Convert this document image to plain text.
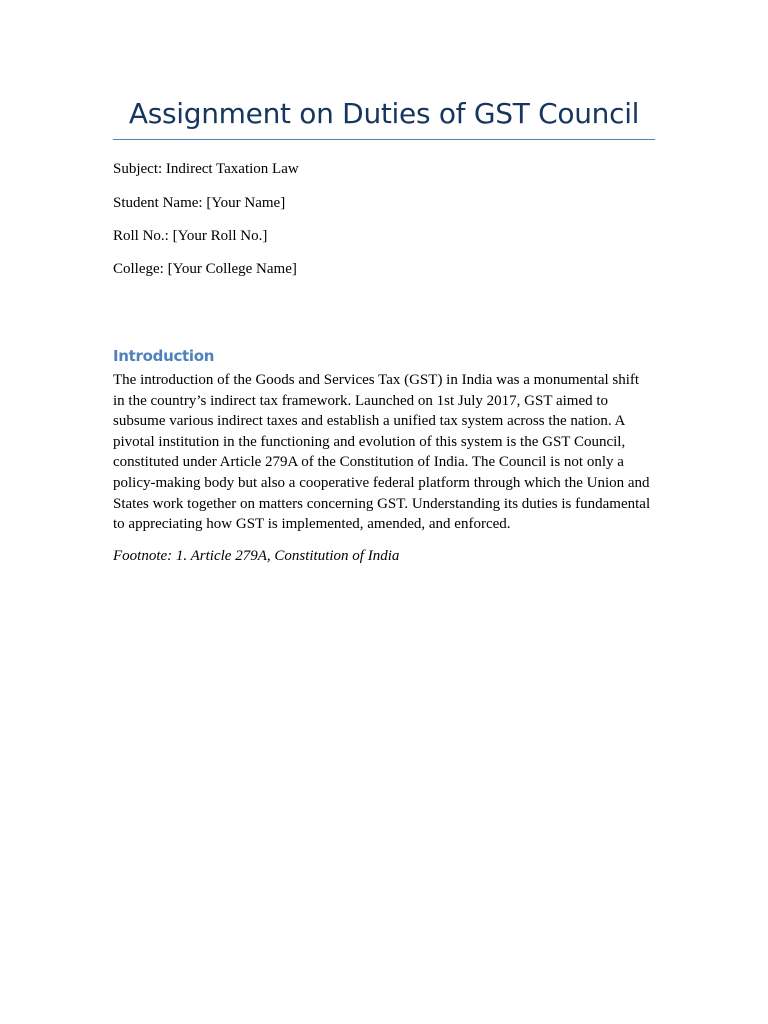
Assignment on Duties of GST Council

Subject: Indirect Taxation Law

Student Name: [Your Name]

Roll No.: [Your Roll No.]

College: [Your College Name]

Introduction

The introduction of the Goods and Services Tax (GST) in India was a monumental shift
in the country’s indirect tax framework. Launched on 1st July 2017, GST aimed to
subsume various indirect taxes and establish a unified tax system across the nation. A
pivotal institution in the functioning and evolution of this system is the GST Council,
constituted under Article 279A of the Constitution of India. The Council is not only a
policy-making body but also a cooperative federal platform through which the Union and
States work together on matters concerning GST. Understanding its duties is fundamental
to appreciating how GST is implemented, amended, and enforced.

Footnote: 1. Article 279A, Constitution of India
